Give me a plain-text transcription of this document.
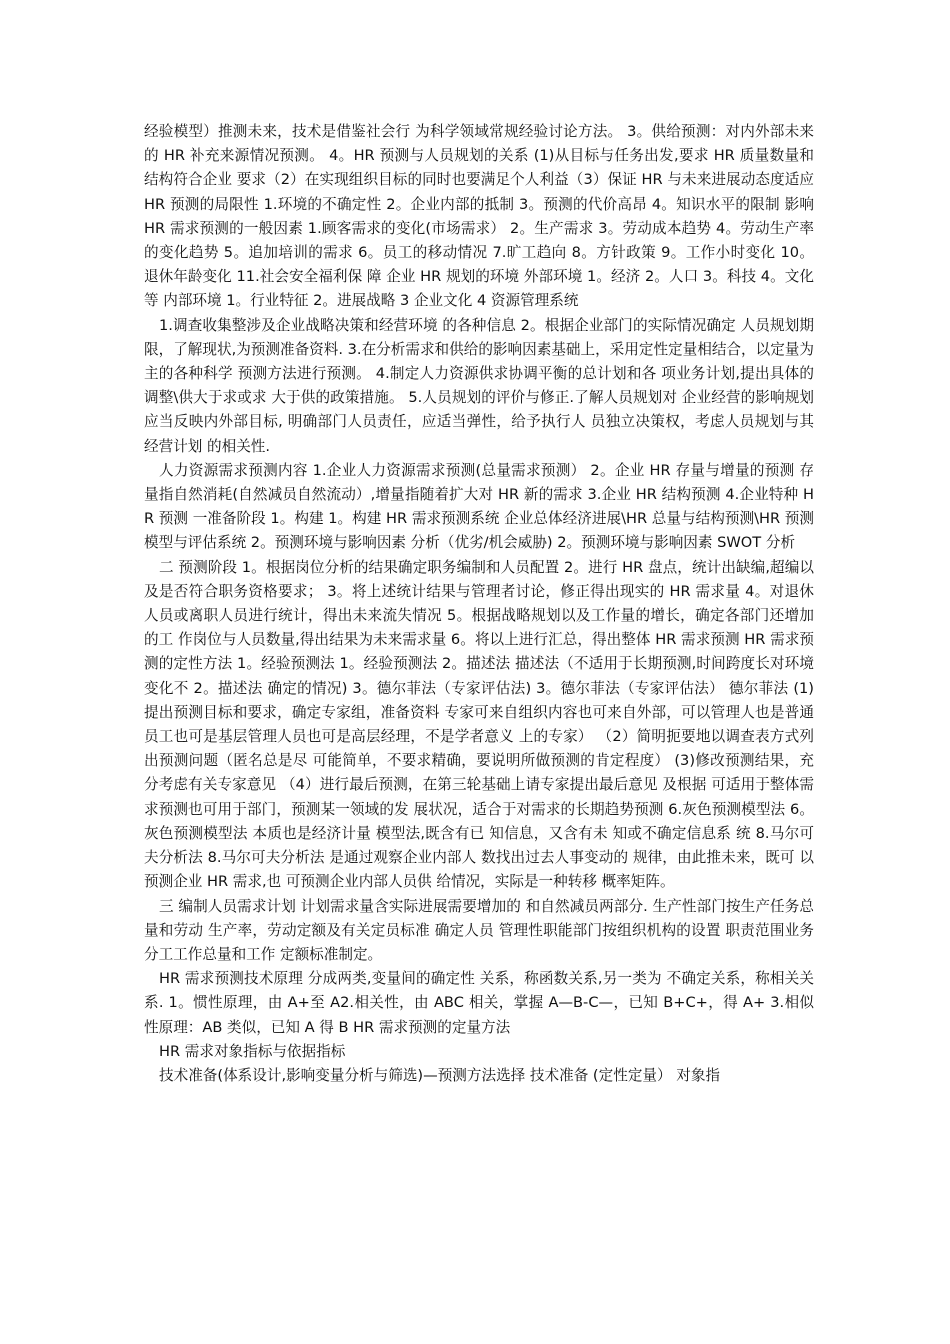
经验模型）推测未来，技术是借鉴社会行 为科学领域常规经验讨论方法。 3。供给预测：对内外部未来的 HR 补充来源情况预测。 4。HR 预测与人员规划的关系 (1)从目标与任务出发,要求 HR 质量数量和结构符合企业 要求（2）在实现组织目标的同时也要满足个人利益（3）保证 HR 与未来进展动态度适应 HR 预测的局限性 1.环境的不确定性 2。企业内部的抵制 3。预测的代价高昂 4。知识水平的限制 影响 HR 需求预测的一般因素 1.顾客需求的变化(市场需求） 2。生产需求 3。劳动成本趋势 4。劳动生产率的变化趋势 5。追加培训的需求 6。员工的移动情况 7.旷工趋向 8。方针政策 9。工作小时变化 10。 退休年龄变化 11.社会安全福利保 障 企业 HR 规划的环境 外部环境 1。经济 2。人口 3。科技 4。文化等 内部环境 1。行业特征 2。进展战略 3 企业文化 4 资源管理系统

1.调查收集整涉及企业战略决策和经营环境 的各种信息 2。根据企业部门的实际情况确定 人员规划期限，了解现状,为预测准备资料. 3.在分析需求和供给的影响因素基础上，采用定性定量相结合，以定量为主的各种科学 预测方法进行预测。 4.制定人力资源供求协调平衡的总计划和各 项业务计划,提出具体的调整\供大于求或求 大于供的政策措施。 5.人员规划的评价与修正.了解人员规划对 企业经营的影响规划应当反映内外部目标, 明确部门人员责任，应适当弹性，给予执行人 员独立决策权，考虑人员规划与其经营计划 的相关性.

人力资源需求预测内容 1.企业人力资源需求预测(总量需求预测） 2。企业 HR 存量与增量的预测 存量指自然消耗(自然减员自然流动）,增量指随着扩大对 HR 新的需求 3.企业 HR 结构预测 4.企业特种 HR 预测 一准备阶段 1。构建 1。构建 HR 需求预测系统 企业总体经济进展\HR 总量与结构预测\HR 预测模型与评估系统 2。预测环境与影响因素 分析（优劣/机会威胁) 2。预测环境与影响因素 SWOT 分析

二 预测阶段 1。根据岗位分析的结果确定职务编制和人员配置 2。进行 HR 盘点，统计出缺编,超编以及是否符合职务资格要求； 3。将上述统计结果与管理者讨论，修正得出现实的 HR 需求量 4。对退休人员或离职人员进行统计，得出未来流失情况 5。根据战略规划以及工作量的增长，确定各部门还增加的工 作岗位与人员数量,得出结果为未来需求量 6。将以上进行汇总，得出整体 HR 需求预测 HR 需求预测的定性方法 1。经验预测法 1。经验预测法 2。描述法 描述法（不适用于长期预测,时间跨度长对环境变化不 2。描述法 确定的情况) 3。德尔菲法（专家评估法) 3。德尔菲法（专家评估法） 德尔菲法 (1)提出预测目标和要求，确定专家组，准备资料 专家可来自组织内容也可来自外部，可以管理人也是普通 员工也可是基层管理人员也可是高层经理，不是学者意义 上的专家） （2）简明扼要地以调查表方式列出预测问题（匿名总是尽 可能简单，不要求精确，要说明所做预测的肯定程度） (3)修改预测结果，充分考虑有关专家意见 （4）进行最后预测，在第三轮基础上请专家提出最后意见 及根据 可适用于整体需求预测也可用于部门，预测某一领域的发 展状况，适合于对需求的长期趋势预测 6.灰色预测模型法 6。灰色预测模型法 本质也是经济计量 模型法,既含有已 知信息，又含有未 知或不确定信息系 统 8.马尔可夫分析法 8.马尔可夫分析法 是通过观察企业内部人 数找出过去人事变动的 规律，由此推未来，既可 以预测企业 HR 需求,也 可预测企业内部人员供 给情况，实际是一种转移 概率矩阵。

三 编制人员需求计划 计划需求量含实际进展需要增加的 和自然减员两部分. 生产性部门按生产任务总量和劳动 生产率，劳动定额及有关定员标准 确定人员 管理性职能部门按组织机构的设置 职责范围业务分工工作总量和工作 定额标准制定。

HR 需求预测技术原理 分成两类,变量间的确定性 关系，称函数关系,另一类为 不确定关系，称相关关系. 1。惯性原理，由 A+至 A2.相关性，由 ABC 相关，掌握 A—B-C—，已知 B+C+，得 A+ 3.相似性原理：AB 类似，已知 A 得 B HR 需求预测的定量方法

HR 需求对象指标与依据指标

技术准备(体系设计,影响变量分析与筛选)—预测方法选择 技术准备 (定性定量） 对象指
